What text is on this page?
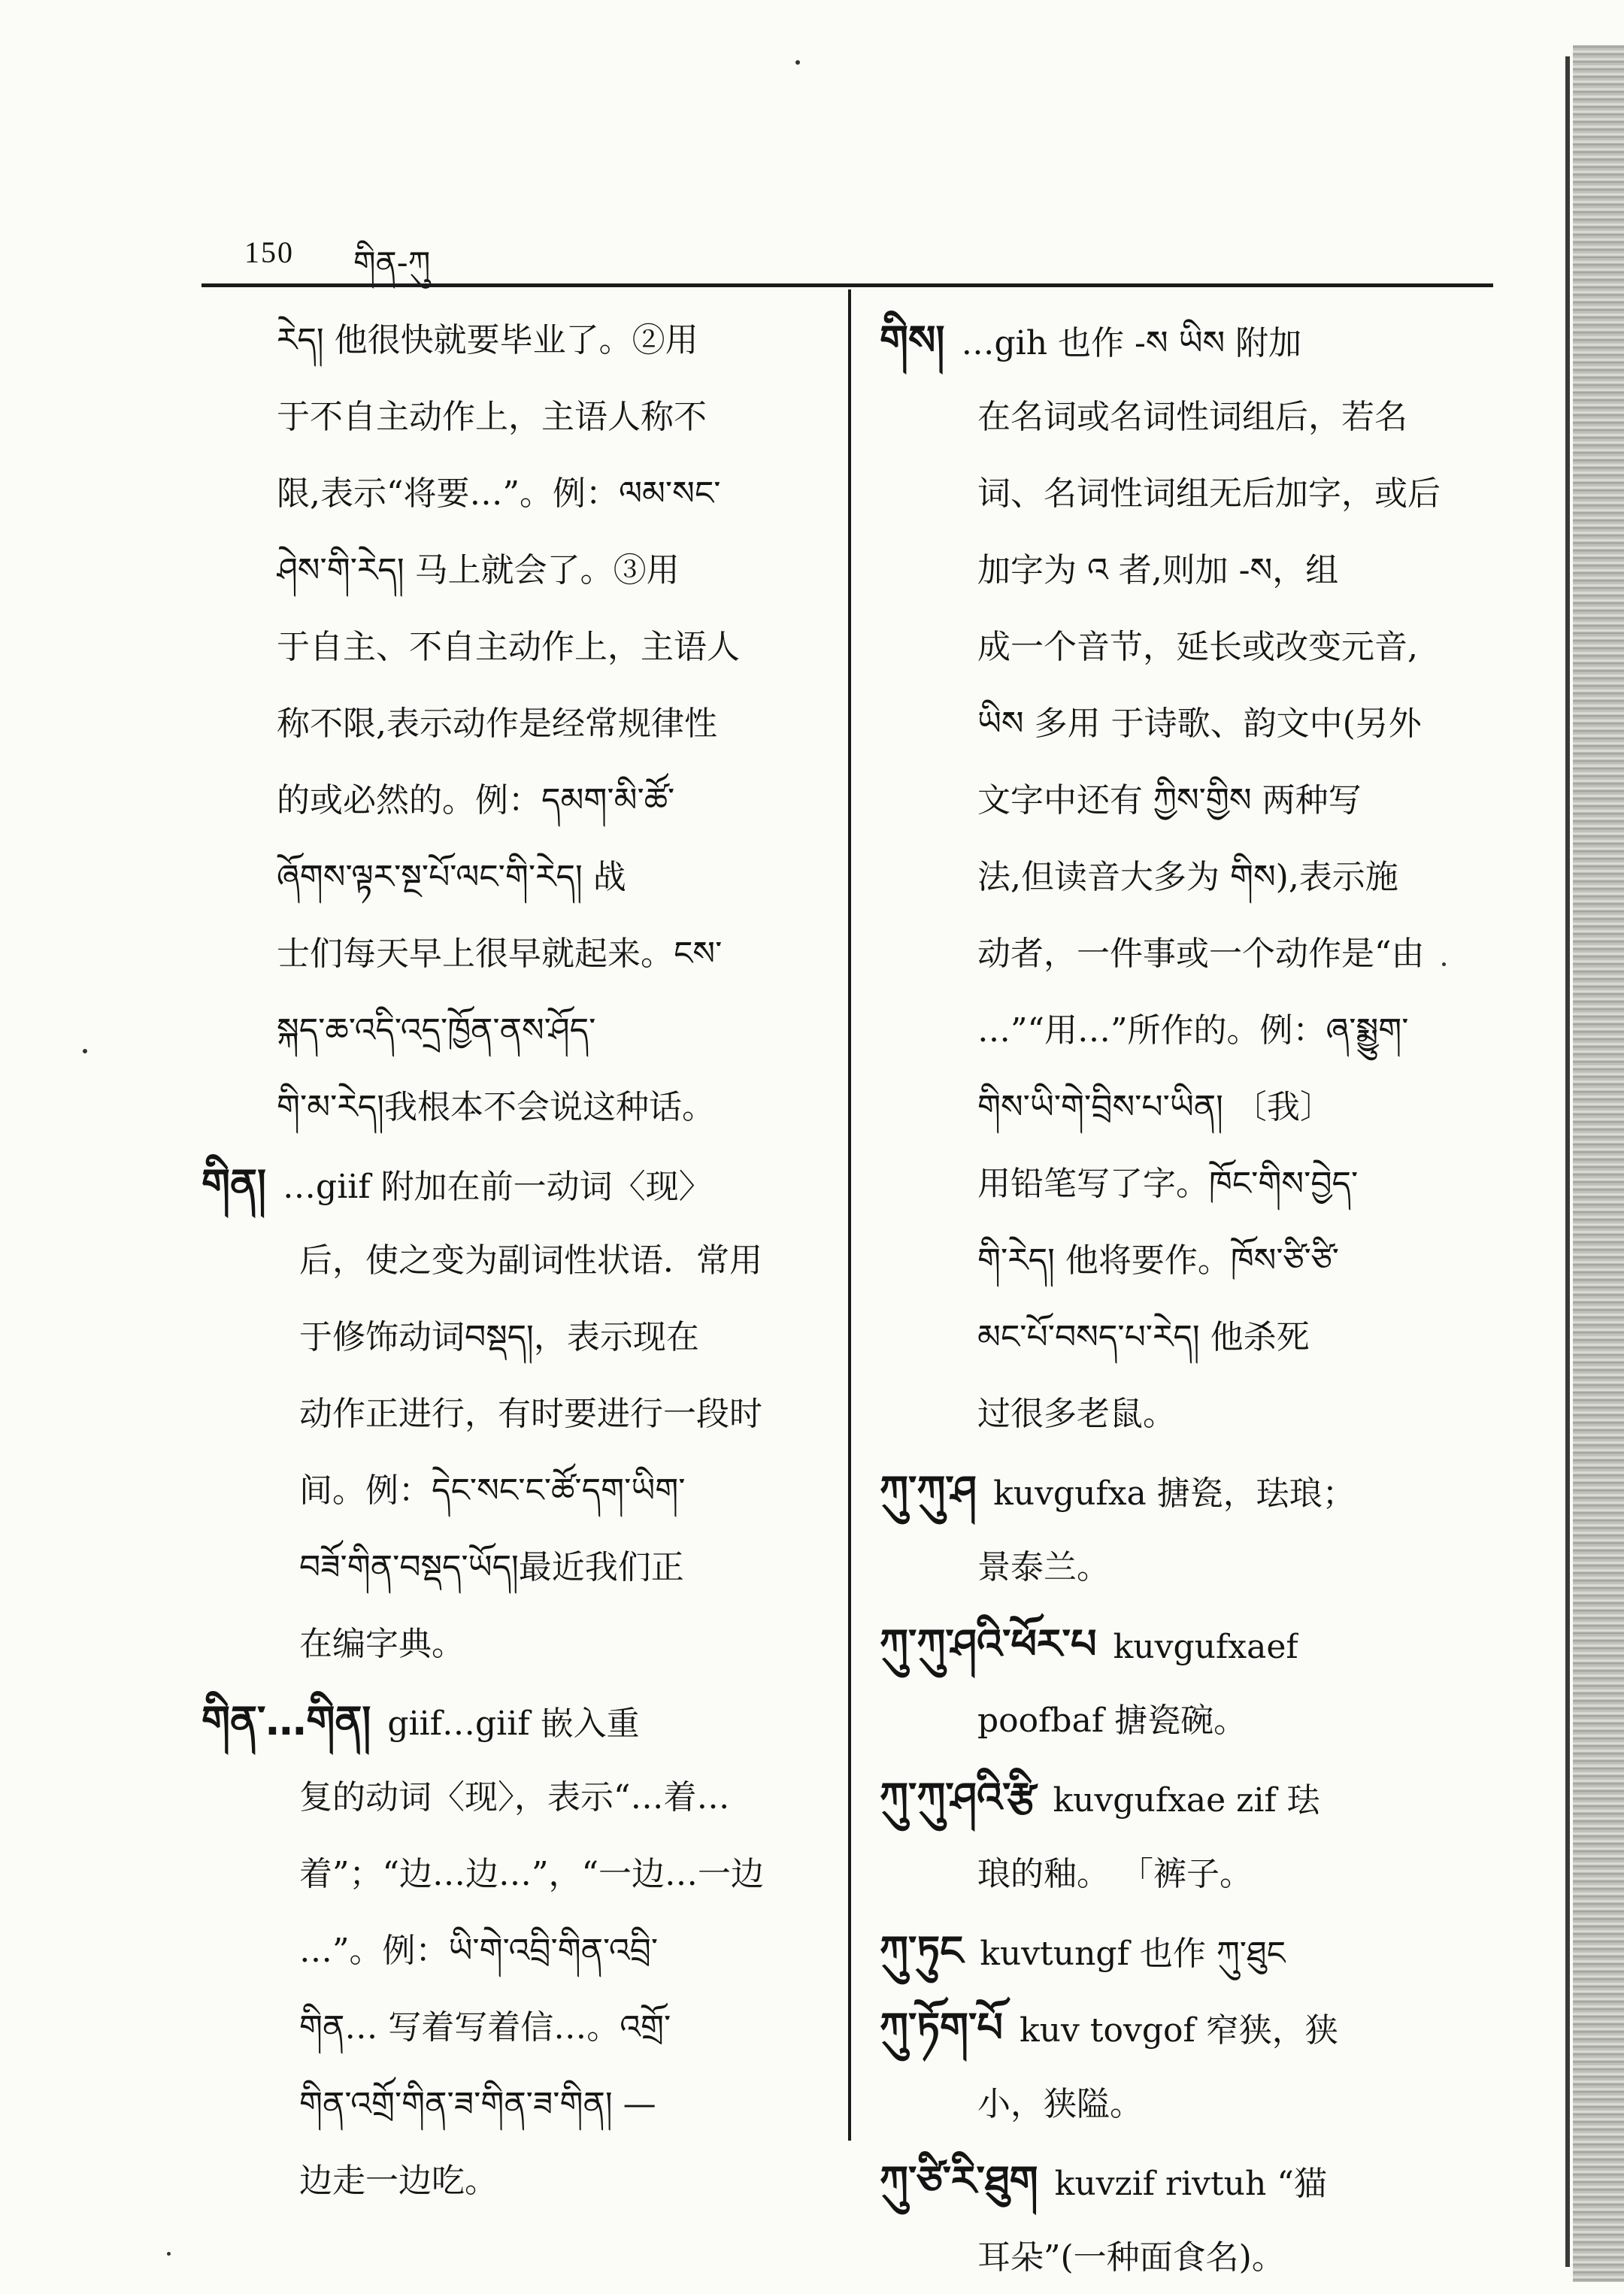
150 གིན-ཀུ
རེད། 他很快就要毕业了。②用
于不自主动作上，主语人称不
限,表示“将要…”。例：ལམ་སང་
ཤེས་གི་རེད། 马上就会了。③用
于自主、不自主动作上，主语人
称不限,表示动作是经常规律性
的或必然的。例：དམག་མི་ཚོ་
ཞོགས་ལྟར་སྔ་པོ་ལང་གི་རེད། 战
士们每天早上很早就起来。ངས་
སྐད་ཆ་འདི་འདྲ་ཁྱོན་ནས་ཤོད་
གི་མ་རེད།我根本不会说这种话。
གིན། …giif 附加在前一动词〈现〉
后，使之变为副词性状语．常用
于修饰动词བསྡད།，表示现在
动作正进行，有时要进行一段时
间。例：དེང་སང་ང་ཚོ་དག་ཡིག་
བཟོ་གིན་བསྡད་ཡོད།最近我们正
在编字典。
གིན་…གིན། giif…giif 嵌入重
复的动词〈现〉，表示“…着…
着”；“边…边…”，“一边…一边
…”。例：ཡི་གེ་འབྲི་གིན་འབྲི་
གིན… 写着写着信…。འགྲོ་
གིན་འགྲོ་གིན་ཟ་གིན་ཟ་གིན། —
边走一边吃。
གིས། …gih 也作 -ས ཡིས 附加
在名词或名词性词组后，若名
词、名词性词组无后加字，或后
加字为 འ 者,则加 -ས，组
成一个音节，延长或改变元音,
ཡིས 多用 于诗歌、韵文中(另外
文字中还有 ཀྱིས་གྱིས 两种写
法,但读音大多为 གིས),表示施
动者，一件事或一个动作是“由
…”“用…”所作的。例：ཞ་སྨྱུག་
གིས་ཡི་གེ་བྲིས་པ་ཡིན། 〔我〕
用铅笔写了字。ཁོང་གིས་བྱེད་
གི་རེད། 他将要作。ཁོས་ཙི་ཙི་
མང་པོ་བསད་པ་རེད། 他杀死
过很多老鼠。
ཀུ་ཀུ་ཤ kuvgufxa 搪瓷，珐琅；
景泰兰。
ཀུ་ཀུ་ཤའི་ཕོར་པ kuvgufxaef
poofbaf 搪瓷碗。
ཀུ་ཀུ་ཤའི་རྩི kuvgufxae zif 珐
琅的釉。 「裤子。
ཀུ་ཏུང kuvtungf 也作 ཀུ་ཐུང
ཀུ་ཏོག་པོ kuv tovgof 窄狭，狭
小，狭隘。
ཀུ་ཙི་རི་ཐུག kuvzif rivtuh “猫
耳朵”(一种面食名)。
